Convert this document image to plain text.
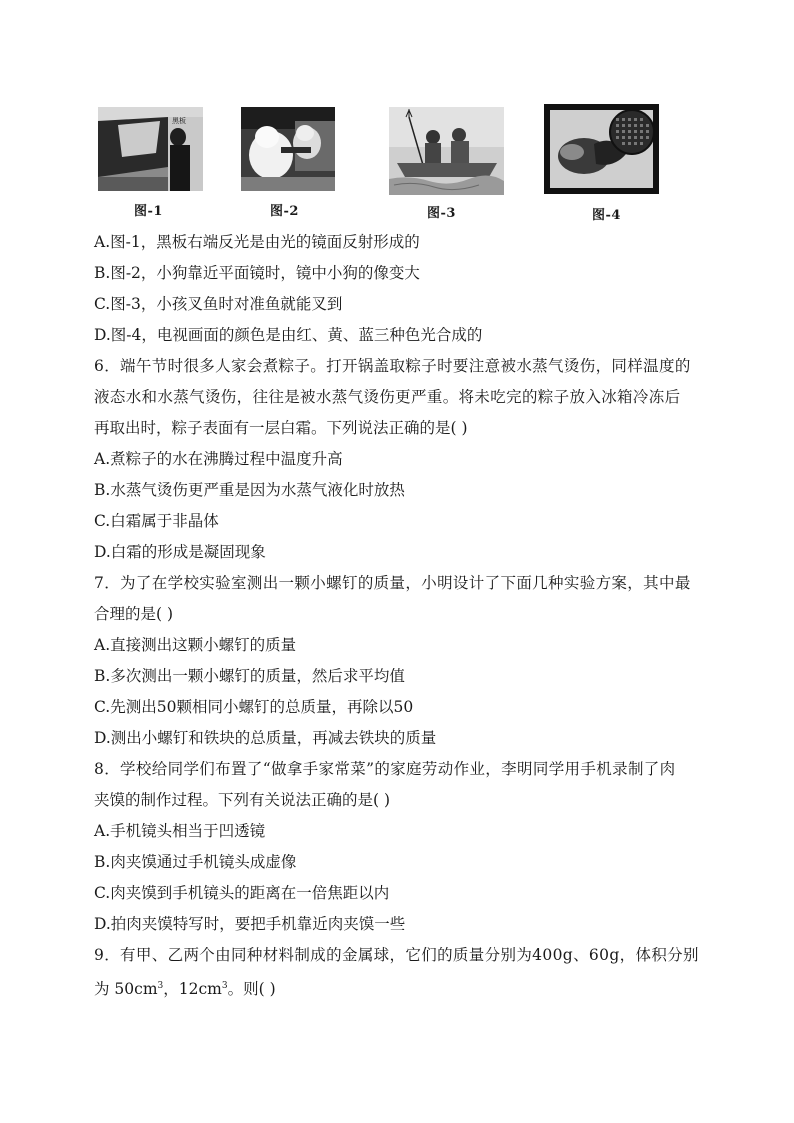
黑板
图-1	图-2	图-3	图-4
A.图-1，黑板右端反光是由光的镜面反射形成的
B.图-2，小狗靠近平面镜时，镜中小狗的像变大
C.图-3，小孩叉鱼时对准鱼就能叉到
D.图-4，电视画面的颜色是由红、黄、蓝三种色光合成的
6．端午节时很多人家会煮粽子。打开锅盖取粽子时要注意被水蒸气烫伤，同样温度的
液态水和水蒸气烫伤，往往是被水蒸气烫伤更严重。将未吃完的粽子放入冰箱冷冻后
再取出时，粽子表面有一层白霜。下列说法正确的是( )
A.煮粽子的水在沸腾过程中温度升高
B.水蒸气烫伤更严重是因为水蒸气液化时放热
C.白霜属于非晶体
D.白霜的形成是凝固现象
7．为了在学校实验室测出一颗小螺钉的质量，小明设计了下面几种实验方案，其中最
合理的是( )
A.直接测出这颗小螺钉的质量
B.多次测出一颗小螺钉的质量，然后求平均值
C.先测出50颗相同小螺钉的总质量，再除以50
D.测出小螺钉和铁块的总质量，再减去铁块的质量
8．学校给同学们布置了“做拿手家常菜”的家庭劳动作业，李明同学用手机录制了肉
夹馍的制作过程。下列有关说法正确的是( )
A.手机镜头相当于凹透镜
B.肉夹馍通过手机镜头成虚像
C.肉夹馍到手机镜头的距离在一倍焦距以内
D.拍肉夹馍特写时，要把手机靠近肉夹馍一些
9．有甲、乙两个由同种材料制成的金属球，它们的质量分别为400g、60g，体积分别
为 $50cm^3$，$12cm^3$。则( )
